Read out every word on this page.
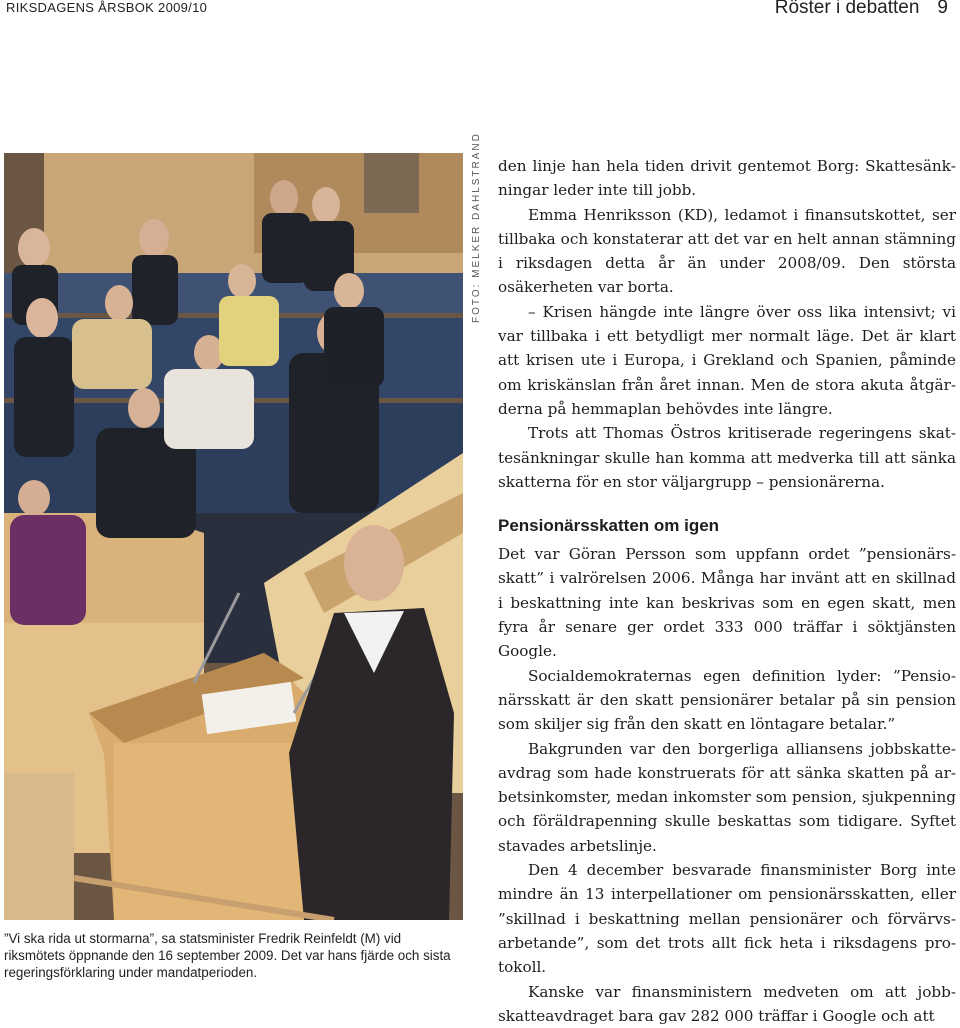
RIKSDAGENS ÅRSBOK 2009/10	Röster i debatten 9
FOTO: MELKER DAHLSTRAND
”Vi ska rida ut stormarna”, sa statsminister Fredrik Reinfeldt (M) vid riksmötets öppnande den 16 september 2009. Det var hans fjärde och sista regeringsförklaring under mandatperioden.

den linje han hela tiden drivit gentemot Borg: Skattesänkningar leder inte till jobb.

Emma Henriksson (KD), ledamot i finansutskottet, ser tillbaka och konstaterar att det var en helt annan stämning i riksdagen detta år än under 2008/09. Den största osäkerheten var borta.

– Krisen hängde inte längre över oss lika intensivt; vi var tillbaka i ett betydligt mer normalt läge. Det är klart att krisen ute i Europa, i Grekland och Spanien, påminde om kriskänslan från året innan. Men de stora akuta åtgärderna på hemmaplan behövdes inte längre.

Trots att Thomas Östros kritiserade regeringens skattesänkningar skulle han komma att medverka till att sänka skatterna för en stor väljargrupp – pensionärerna.

Pensionärsskatten om igen

Det var Göran Persson som uppfann ordet ”pensionärsskatt” i valrörelsen 2006. Många har invänt att en skillnad i beskattning inte kan beskrivas som en egen skatt, men fyra år senare ger ordet 333 000 träffar i söktjänsten Google.

Socialdemokraternas egen definition lyder: ”Pensionärsskatt är den skatt pensionärer betalar på sin pension som skiljer sig från den skatt en löntagare betalar.”

Bakgrunden var den borgerliga alliansens jobbskatteavdrag som hade konstruerats för att sänka skatten på arbetsinkomster, medan inkomster som pension, sjukpenning och föräldrapenning skulle beskattas som tidigare. Syftet stavades arbetslinje.

Den 4 december besvarade finansminister Borg inte mindre än 13 interpellationer om pensionärsskatten, eller ”skillnad i beskattning mellan pensionärer och förvärvsarbetande”, som det trots allt fick heta i riksdagens protokoll.

Kanske var finansministern medveten om att jobbskatteavdraget bara gav 282 000 träffar i Google och att
